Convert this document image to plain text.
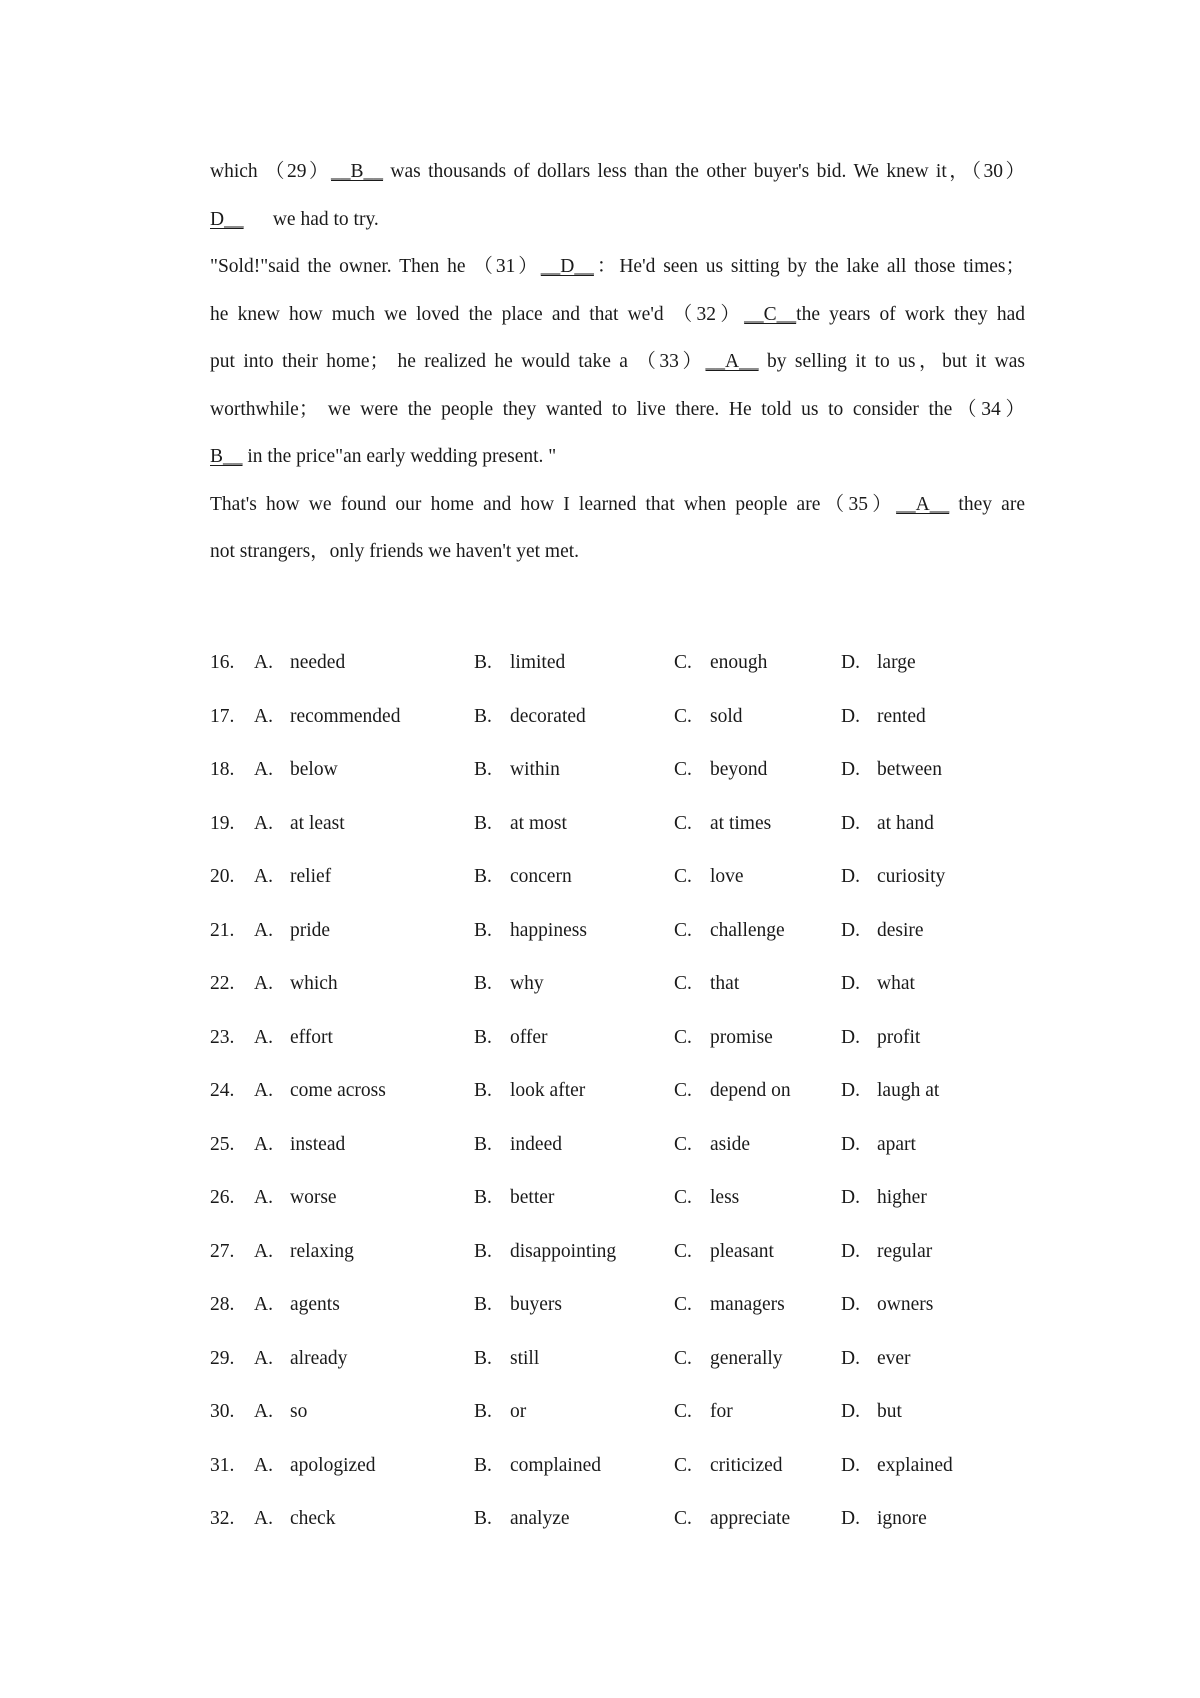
which （29）__B__ was thousands of dollars less than the other buyer's bid. We knew it，（30）
D__      we had to try.
"Sold!"said the owner. Then he （31）__D__：He'd seen us sitting by the lake all those times；
he knew how much we loved the place and that we'd （32）__C__the years of work they had
put into their home； he realized he would take a （33）__A__ by selling it to us，but it was
worthwhile； we were the people they wanted to live there. He told us to consider the（34）
B__ in the price"an early wedding present. "
That's how we found our home and how I learned that when people are（35）__A__ they are
not strangers，only friends we haven't yet met.
16. A. needed	B. limited	C. enough	D. large
17. A. recommended	B. decorated	C. sold	D. rented
18. A. below	B. within	C. beyond	D. between
19. A. at least	B. at most	C. at times	D. at hand
20. A. relief	B. concern	C. love	D. curiosity
21. A. pride	B. happiness	C. challenge	D. desire
22. A. which	B. why	C. that	D. what
23. A. effort	B. offer	C. promise	D. profit
24. A. come across	B. look after	C. depend on	D. laugh at
25. A. instead	B. indeed	C. aside	D. apart
26. A. worse	B. better	C. less	D. higher
27. A. relaxing	B. disappointing	C. pleasant	D. regular
28. A. agents	B. buyers	C. managers	D. owners
29. A. already	B. still	C. generally	D. ever
30. A. so	B. or	C. for	D. but
31. A. apologized	B. complained	C. criticized	D. explained
32. A. check	B. analyze	C. appreciate	D. ignore
